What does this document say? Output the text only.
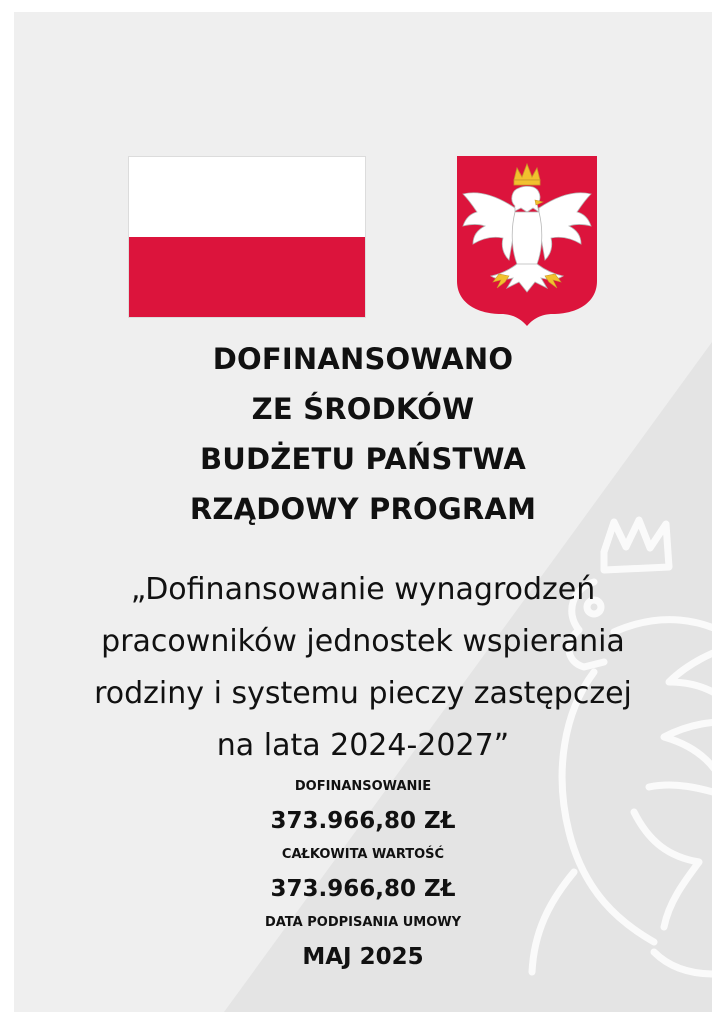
DOFINANSOWANO
ZE ŚRODKÓW
BUDŻETU PAŃSTWA
RZĄDOWY PROGRAM
„Dofinansowanie wynagrodzeń
pracowników jednostek wspierania
rodziny i systemu pieczy zastępczej
na lata 2024-2027”
DOFINANSOWANIE
373.966,80 ZŁ
CAŁKOWITA WARTOŚĆ
373.966,80 ZŁ
DATA PODPISANIA UMOWY
MAJ 2025
